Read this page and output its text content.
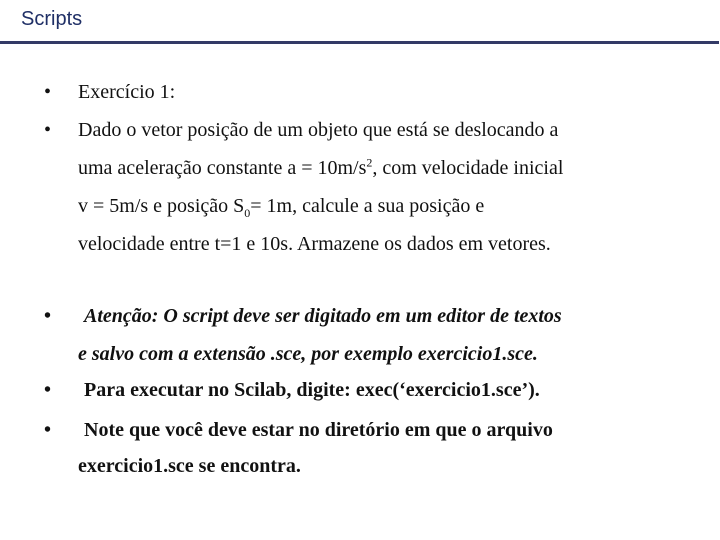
Scripts
• Exercício 1:
• Dado o vetor posição de um objeto que está se deslocando a
uma aceleração constante $a = 10m/s^2$, com velocidade inicial
v = 5m/s e posição $S_0= 1m$, calcule a sua posição e
velocidade entre t=1 e 10s. Armazene os dados em vetores.
• Atenção: O script deve ser digitado em um editor de textos
e salvo com a extensão .sce, por exemplo exercicio1.sce.
• Para executar no Scilab, digite: exec(‘exercicio1.sce’).
• Note que você deve estar no diretório em que o arquivo
exercicio1.sce se encontra.
